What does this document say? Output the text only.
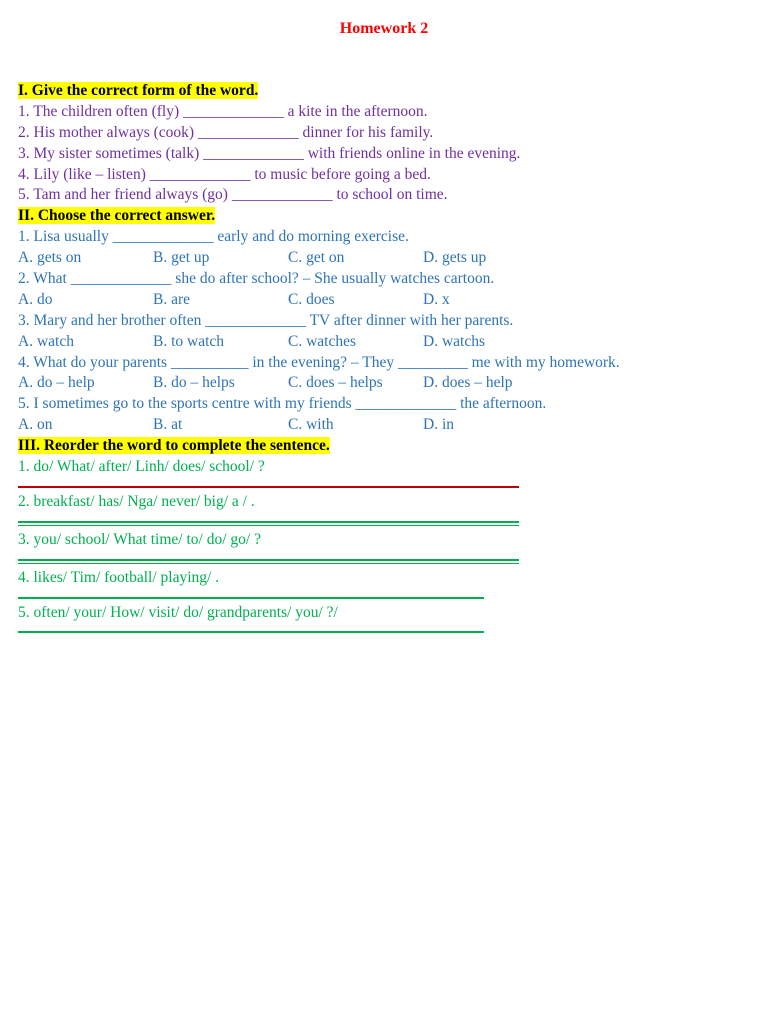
Homework 2
I. Give the correct form of the word.
1. The children often (fly) _____________ a kite in the afternoon.
2. His mother always (cook) _____________ dinner for his family.
3. My sister sometimes (talk) _____________ with friends online in the evening.
4. Lily (like – listen) _____________ to music before going a bed.
5. Tam and her friend always (go) _____________ to school on time.
II. Choose the correct answer.
1. Lisa usually _____________ early and do morning exercise.
A. gets on	B. get up	C. get on	D. gets up
2. What _____________ she do after school? – She usually watches cartoon.
A. do	B. are	C. does	D. x
3. Mary and her brother often _____________ TV after dinner with her parents.
A. watch	B. to watch	C. watches	D. watchs
4. What do your parents __________ in the evening? – They _________ me with my homework.
A. do – help	B. do – helps	C. does – helps	D. does – help
5. I sometimes go to the sports centre with my friends _____________ the afternoon.
A. on	B. at	C. with	D. in
III. Reorder the word to complete the sentence.
1. do/ What/ after/ Linh/ does/ school/ ?
2. breakfast/ has/ Nga/ never/ big/ a / .
3. you/ school/ What time/ to/ do/ go/ ?
4. likes/ Tim/ football/ playing/ .
5. often/ your/ How/ visit/ do/ grandparents/ you/ ?/
